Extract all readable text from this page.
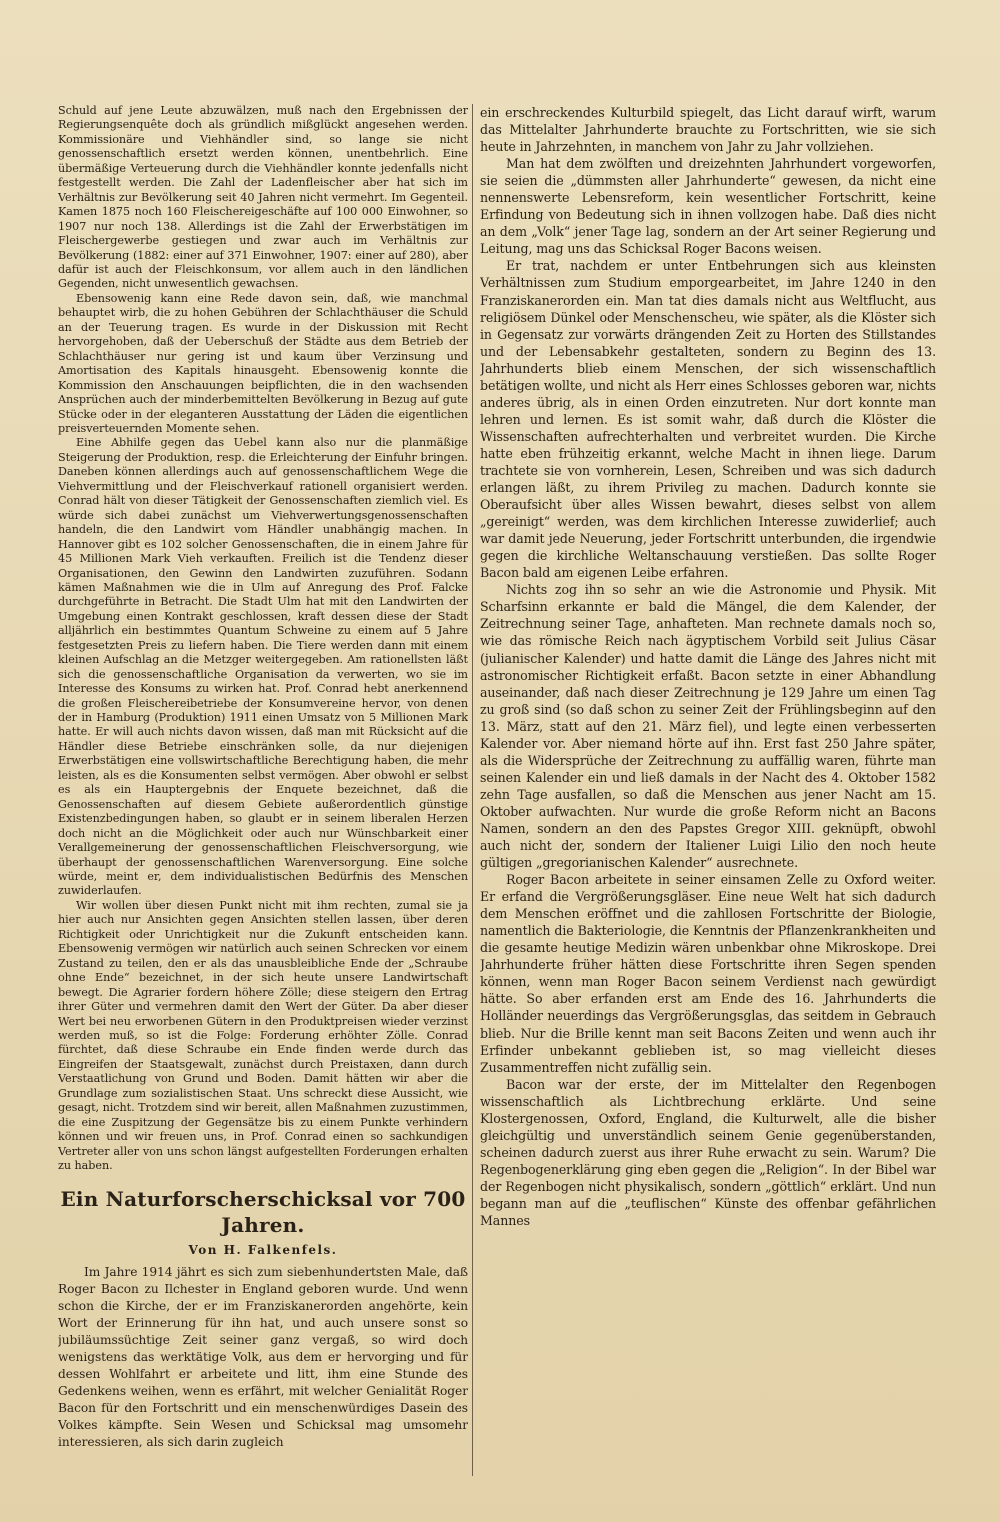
Schuld auf jene Leute abzuwälzen, muß nach den Ergebnissen der Regierungsenquête doch als gründlich mißglückt angesehen werden. Kommissionäre und Viehhändler sind, so lange sie nicht genossenschaftlich ersetzt werden können, unentbehrlich. Eine übermäßige Verteuerung durch die Viehhändler konnte jedenfalls nicht festgestellt werden. Die Zahl der Ladenfleischer aber hat sich im Verhältnis zur Bevölkerung seit 40 Jahren nicht vermehrt. Im Gegenteil. Kamen 1875 noch 160 Fleischereigeschäfte auf 100 000 Einwohner, so 1907 nur noch 138. Allerdings ist die Zahl der Erwerbstätigen im Fleischergewerbe gestiegen und zwar auch im Verhältnis zur Bevölkerung (1882: einer auf 371 Einwohner, 1907: einer auf 280), aber dafür ist auch der Fleischkonsum, vor allem auch in den ländlichen Gegenden, nicht unwesentlich gewachsen.

Ebensowenig kann eine Rede davon sein, daß, wie manchmal behauptet wirb, die zu hohen Gebühren der Schlachthäuser die Schuld an der Teuerung tragen. Es wurde in der Diskussion mit Recht hervorgehoben, daß der Ueberschuß der Städte aus dem Betrieb der Schlachthäuser nur gering ist und kaum über Verzinsung und Amortisation des Kapitals hinausgeht. Ebensowenig konnte die Kommission den Anschauungen beipflichten, die in den wachsenden Ansprüchen auch der minderbemittelten Bevölkerung in Bezug auf gute Stücke oder in der eleganteren Ausstattung der Läden die eigentlichen preisverteuernden Momente sehen.

Eine Abhilfe gegen das Uebel kann also nur die planmäßige Steigerung der Produktion, resp. die Erleichterung der Einfuhr bringen. Daneben können allerdings auch auf genossenschaftlichem Wege die Viehvermittlung und der Fleischverkauf rationell organisiert werden. Conrad hält von dieser Tätigkeit der Genossenschaften ziemlich viel. Es würde sich dabei zunächst um Viehverwertungsgenossenschaften handeln, die den Landwirt vom Händler unabhängig machen. In Hannover gibt es 102 solcher Genossenschaften, die in einem Jahre für 45 Millionen Mark Vieh verkauften. Freilich ist die Tendenz dieser Organisationen, den Gewinn den Landwirten zuzuführen. Sodann kämen Maßnahmen wie die in Ulm auf Anregung des Prof. Falcke durchgeführte in Betracht. Die Stadt Ulm hat mit den Landwirten der Umgebung einen Kontrakt geschlossen, kraft dessen diese der Stadt alljährlich ein bestimmtes Quantum Schweine zu einem auf 5 Jahre festgesetzten Preis zu liefern haben. Die Tiere werden dann mit einem kleinen Aufschlag an die Metzger weitergegeben. Am rationellsten läßt sich die genossenschaftliche Organisation da verwerten, wo sie im Interesse des Konsums zu wirken hat. Prof. Conrad hebt anerkennend die großen Fleischereibetriebe der Konsumvereine hervor, von denen der in Hamburg (Produktion) 1911 einen Umsatz von 5 Millionen Mark hatte. Er will auch nichts davon wissen, daß man mit Rücksicht auf die Händler diese Betriebe einschränken solle, da nur diejenigen Erwerbstätigen eine vollswirtschaftliche Berechtigung haben, die mehr leisten, als es die Konsumenten selbst vermögen. Aber obwohl er selbst es als ein Hauptergebnis der Enquete bezeichnet, daß die Genossenschaften auf diesem Gebiete außerordentlich günstige Existenzbedingungen haben, so glaubt er in seinem liberalen Herzen doch nicht an die Möglichkeit oder auch nur Wünschbarkeit einer Verallgemeinerung der genossenschaftlichen Fleischversorgung, wie überhaupt der genossenschaftlichen Warenversorgung. Eine solche würde, meint er, dem individualistischen Bedürfnis des Menschen zuwiderlaufen.

Wir wollen über diesen Punkt nicht mit ihm rechten, zumal sie ja hier auch nur Ansichten gegen Ansichten stellen lassen, über deren Richtigkeit oder Unrichtigkeit nur die Zukunft entscheiden kann. Ebensowenig vermögen wir natürlich auch seinen Schrecken vor einem Zustand zu teilen, den er als das unausbleibliche Ende der „Schraube ohne Ende“ bezeichnet, in der sich heute unsere Landwirtschaft bewegt. Die Agrarier fordern höhere Zölle; diese steigern den Ertrag ihrer Güter und vermehren damit den Wert der Güter. Da aber dieser Wert bei neu erworbenen Gütern in den Produktpreisen wieder verzinst werden muß, so ist die Folge: Forderung erhöhter Zölle. Conrad fürchtet, daß diese Schraube ein Ende finden werde durch das Eingreifen der Staatsgewalt, zunächst durch Preistaxen, dann durch Verstaatlichung von Grund und Boden. Damit hätten wir aber die Grundlage zum sozialistischen Staat. Uns schreckt diese Aussicht, wie gesagt, nicht. Trotzdem sind wir bereit, allen Maßnahmen zuzustimmen, die eine Zuspitzung der Gegensätze bis zu einem Punkte verhindern können und wir freuen uns, in Prof. Conrad einen so sachkundigen Vertreter aller von uns schon längst aufgestellten Forderungen erhalten zu haben.

Ein Naturforscherschicksal vor 700 Jahren.
Von H. Falkenfels.

Im Jahre 1914 jährt es sich zum siebenhundertsten Male, daß Roger Bacon zu Ilchester in England geboren wurde. Und wenn schon die Kirche, der er im Franziskanerorden angehörte, kein Wort der Erinnerung für ihn hat, und auch unsere sonst so jubiläumssüchtige Zeit seiner ganz vergaß, so wird doch wenigstens das werktätige Volk, aus dem er hervorging und für dessen Wohlfahrt er arbeitete und litt, ihm eine Stunde des Gedenkens weihen, wenn es erfährt, mit welcher Genialität Roger Bacon für den Fortschritt und ein menschenwürdiges Dasein des Volkes kämpfte. Sein Wesen und Schicksal mag umsomehr interessieren, als sich darin zugleich

ein erschreckendes Kulturbild spiegelt, das Licht darauf wirft, warum das Mittelalter Jahrhunderte brauchte zu Fortschritten, wie sie sich heute in Jahrzehnten, in manchem von Jahr zu Jahr vollziehen.

Man hat dem zwölften und dreizehnten Jahrhundert vorgeworfen, sie seien die „dümmsten aller Jahrhunderte“ gewesen, da nicht eine nennenswerte Lebensreform, kein wesentlicher Fortschritt, keine Erfindung von Bedeutung sich in ihnen vollzogen habe. Daß dies nicht an dem „Volk“ jener Tage lag, sondern an der Art seiner Regierung und Leitung, mag uns das Schicksal Roger Bacons weisen.

Er trat, nachdem er unter Entbehrungen sich aus kleinsten Verhältnissen zum Studium emporgearbeitet, im Jahre 1240 in den Franziskanerorden ein. Man tat dies damals nicht aus Weltflucht, aus religiösem Dünkel oder Menschenscheu, wie später, als die Klöster sich in Gegensatz zur vorwärts drängenden Zeit zu Horten des Stillstandes und der Lebensabkehr gestalteten, sondern zu Beginn des 13. Jahrhunderts blieb einem Menschen, der sich wissenschaftlich betätigen wollte, und nicht als Herr eines Schlosses geboren war, nichts anderes übrig, als in einen Orden einzutreten. Nur dort konnte man lehren und lernen. Es ist somit wahr, daß durch die Klöster die Wissenschaften aufrechterhalten und verbreitet wurden. Die Kirche hatte eben frühzeitig erkannt, welche Macht in ihnen liege. Darum trachtete sie von vornherein, Lesen, Schreiben und was sich dadurch erlangen läßt, zu ihrem Privileg zu machen. Dadurch konnte sie Oberaufsicht über alles Wissen bewahrt, dieses selbst von allem „gereinigt“ werden, was dem kirchlichen Interesse zuwiderlief; auch war damit jede Neuerung, jeder Fortschritt unterbunden, die irgendwie gegen die kirchliche Weltanschauung verstießen. Das sollte Roger Bacon bald am eigenen Leibe erfahren.

Nichts zog ihn so sehr an wie die Astronomie und Physik. Mit Scharfsinn erkannte er bald die Mängel, die dem Kalender, der Zeitrechnung seiner Tage, anhafteten. Man rechnete damals noch so, wie das römische Reich nach ägyptischem Vorbild seit Julius Cäsar (julianischer Kalender) und hatte damit die Länge des Jahres nicht mit astronomischer Richtigkeit erfaßt. Bacon setzte in einer Abhandlung auseinander, daß nach dieser Zeitrechnung je 129 Jahre um einen Tag zu groß sind (so daß schon zu seiner Zeit der Frühlingsbeginn auf den 13. März, statt auf den 21. März fiel), und legte einen verbesserten Kalender vor. Aber niemand hörte auf ihn. Erst fast 250 Jahre später, als die Widersprüche der Zeitrechnung zu auffällig waren, führte man seinen Kalender ein und ließ damals in der Nacht des 4. Oktober 1582 zehn Tage ausfallen, so daß die Menschen aus jener Nacht am 15. Oktober aufwachten. Nur wurde die große Reform nicht an Bacons Namen, sondern an den des Papstes Gregor XIII. geknüpft, obwohl auch nicht der, sondern der Italiener Luigi Lilio den noch heute gültigen „gregorianischen Kalender“ ausrechnete.

Roger Bacon arbeitete in seiner einsamen Zelle zu Oxford weiter. Er erfand die Vergrößerungsgläser. Eine neue Welt hat sich dadurch dem Menschen eröffnet und die zahllosen Fortschritte der Biologie, namentlich die Bakteriologie, die Kenntnis der Pflanzenkrankheiten und die gesamte heutige Medizin wären unbenkbar ohne Mikroskope. Drei Jahrhunderte früher hätten diese Fortschritte ihren Segen spenden können, wenn man Roger Bacon seinem Verdienst nach gewürdigt hätte. So aber erfanden erst am Ende des 16. Jahrhunderts die Holländer neuerdings das Vergrößerungsglas, das seitdem in Gebrauch blieb. Nur die Brille kennt man seit Bacons Zeiten und wenn auch ihr Erfinder unbekannt geblieben ist, so mag vielleicht dieses Zusammentreffen nicht zufällig sein.

Bacon war der erste, der im Mittelalter den Regenbogen wissenschaftlich als Lichtbrechung erklärte. Und seine Klostergenossen, Oxford, England, die Kulturwelt, alle die bisher gleichgültig und unverständlich seinem Genie gegenüberstanden, scheinen dadurch zuerst aus ihrer Ruhe erwacht zu sein. Warum? Die Regenbogenerklärung ging eben gegen die „Religion“. In der Bibel war der Regenbogen nicht physikalisch, sondern „göttlich“ erklärt. Und nun begann man auf die „teuflischen“ Künste des offenbar gefährlichen Mannes
